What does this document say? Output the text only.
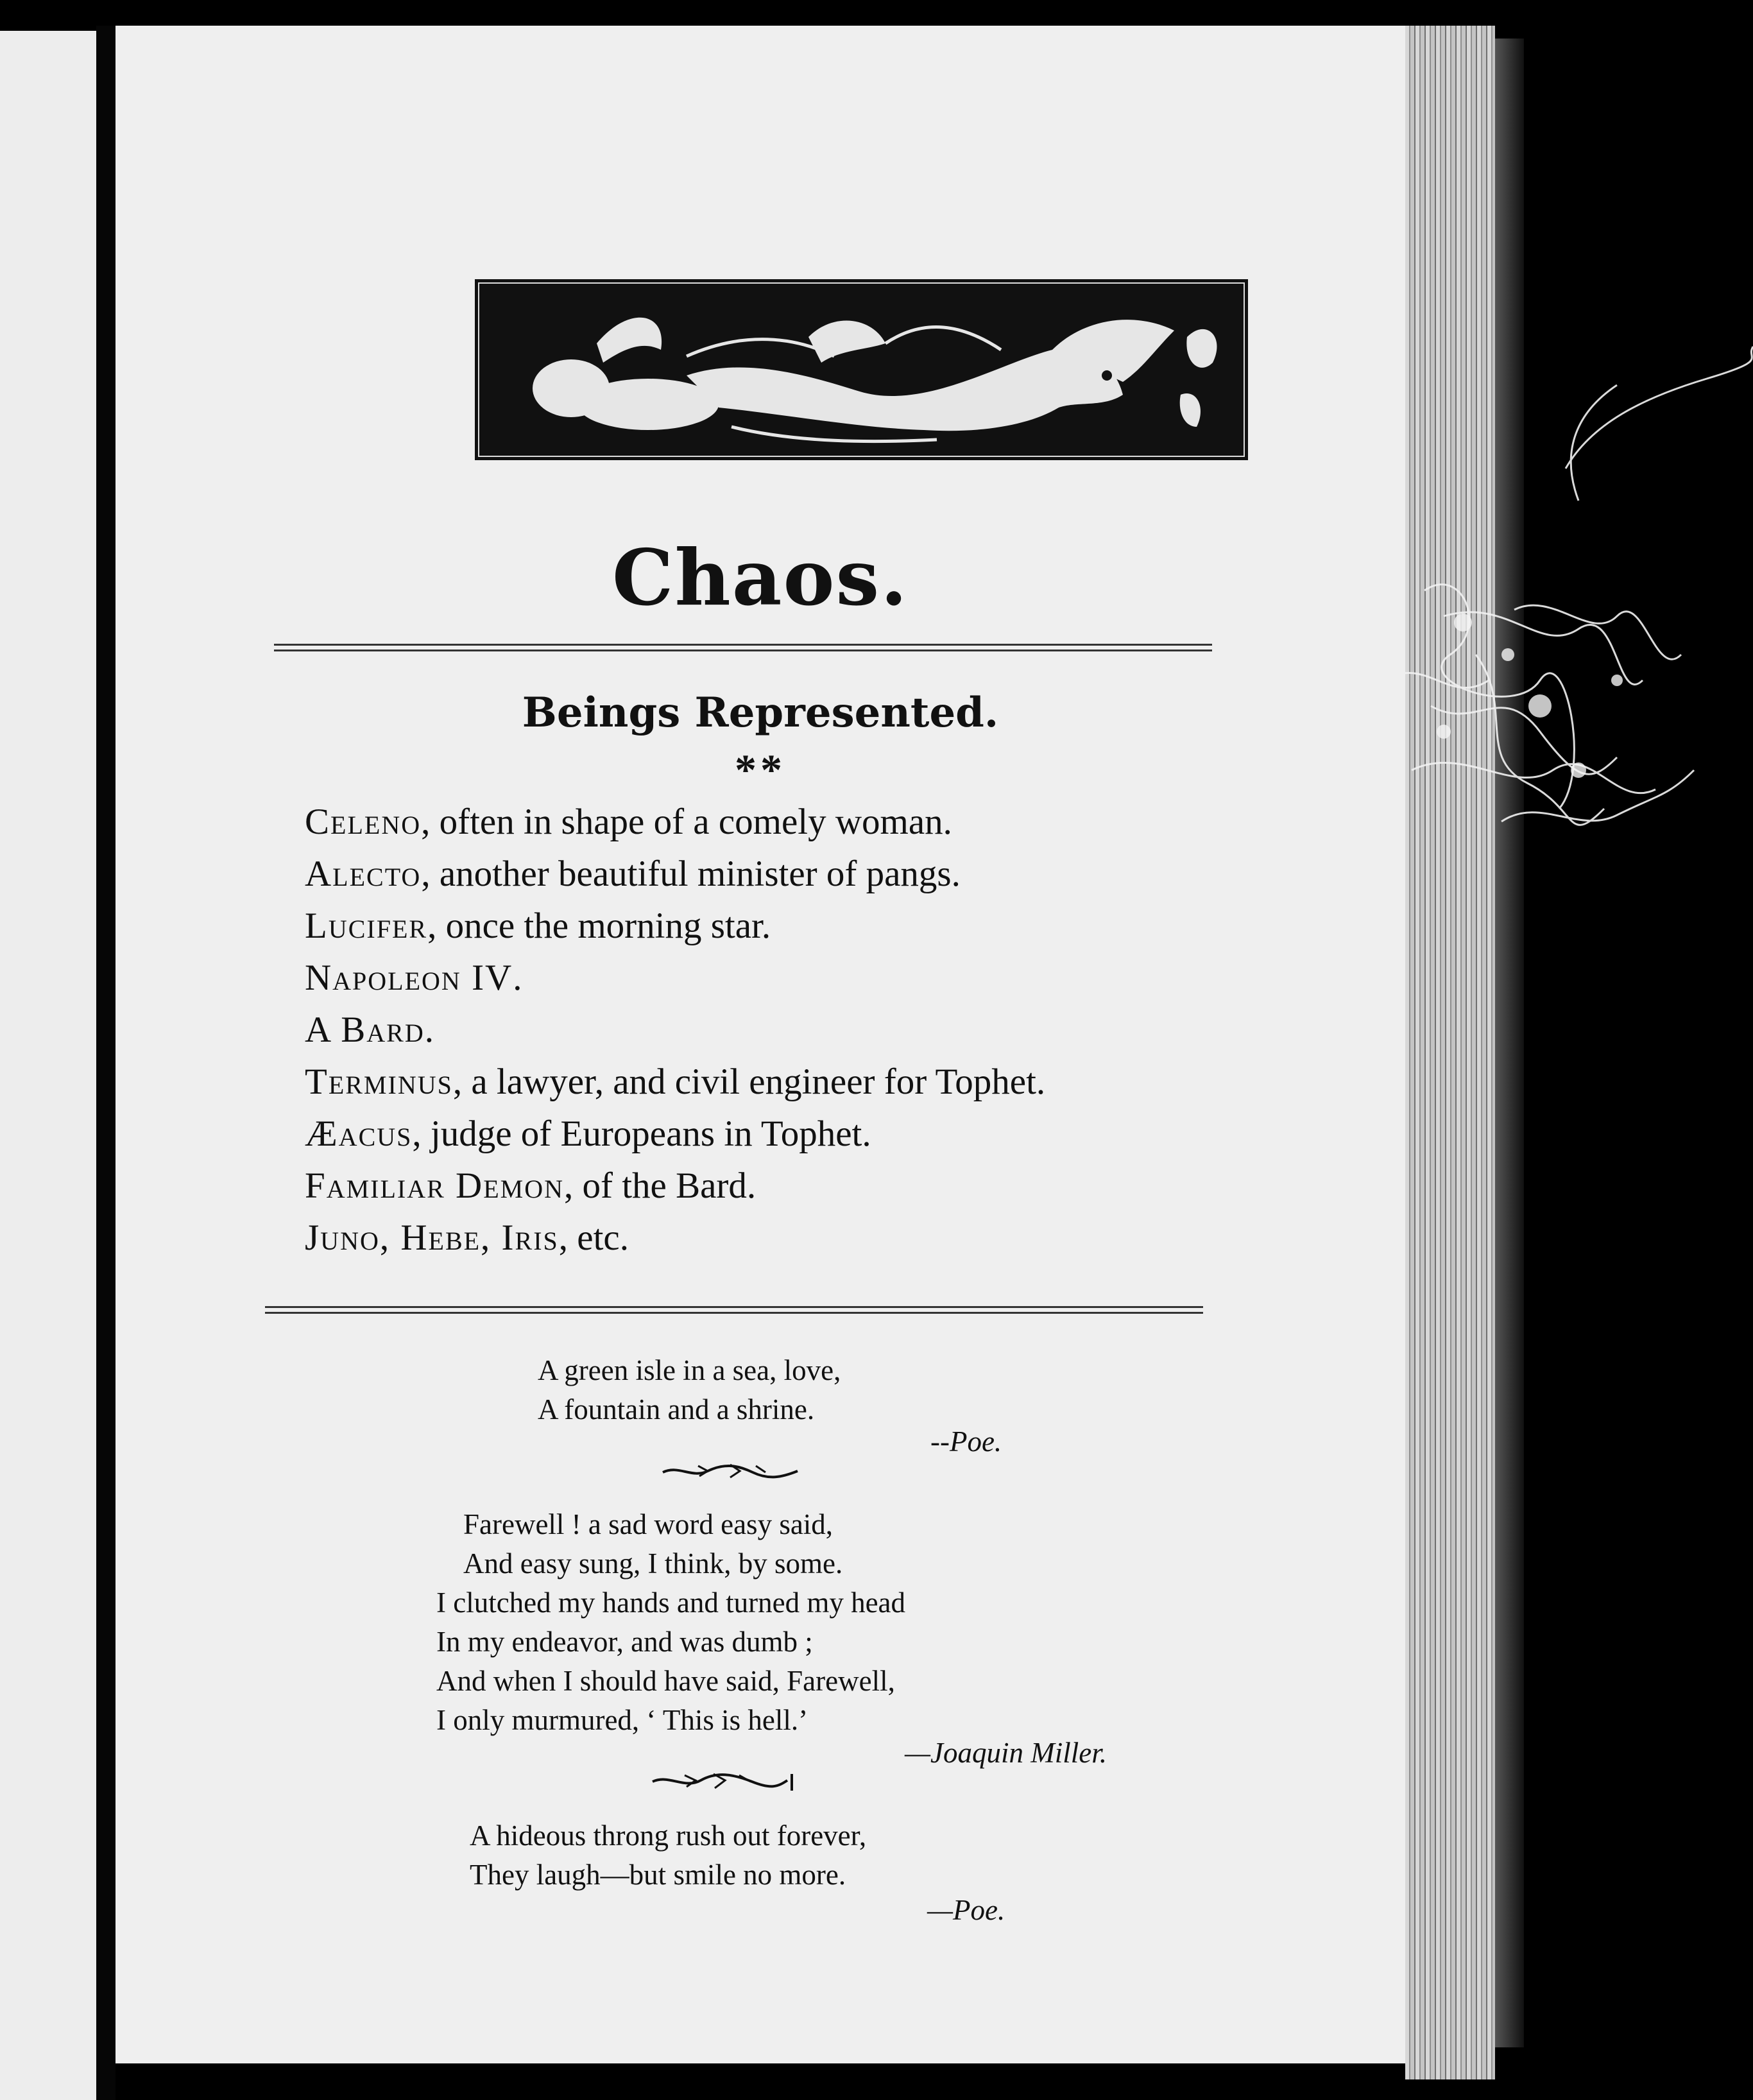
Chaos.
Beings Represented.
**
Celeno, often in shape of a comely woman.
Alecto, another beautiful minister of pangs.
Lucifer, once the morning star.
Napoleon IV.
A Bard.
Terminus, a lawyer, and civil engineer for Tophet.
Æacus, judge of Europeans in Tophet.
Familiar Demon, of the Bard.
Juno, Hebe, Iris, etc.
A green isle in a sea, love,
A fountain and a shrine.
--Poe.
Farewell ! a sad word easy said,
And easy sung, I think, by some.
I clutched my hands and turned my head
In my endeavor, and was dumb ;
And when I should have said, Farewell,
I only murmured, ‘ This is hell.’
—Joaquin Miller.
A hideous throng rush out forever,
They laugh—but smile no more.
—Poe.
